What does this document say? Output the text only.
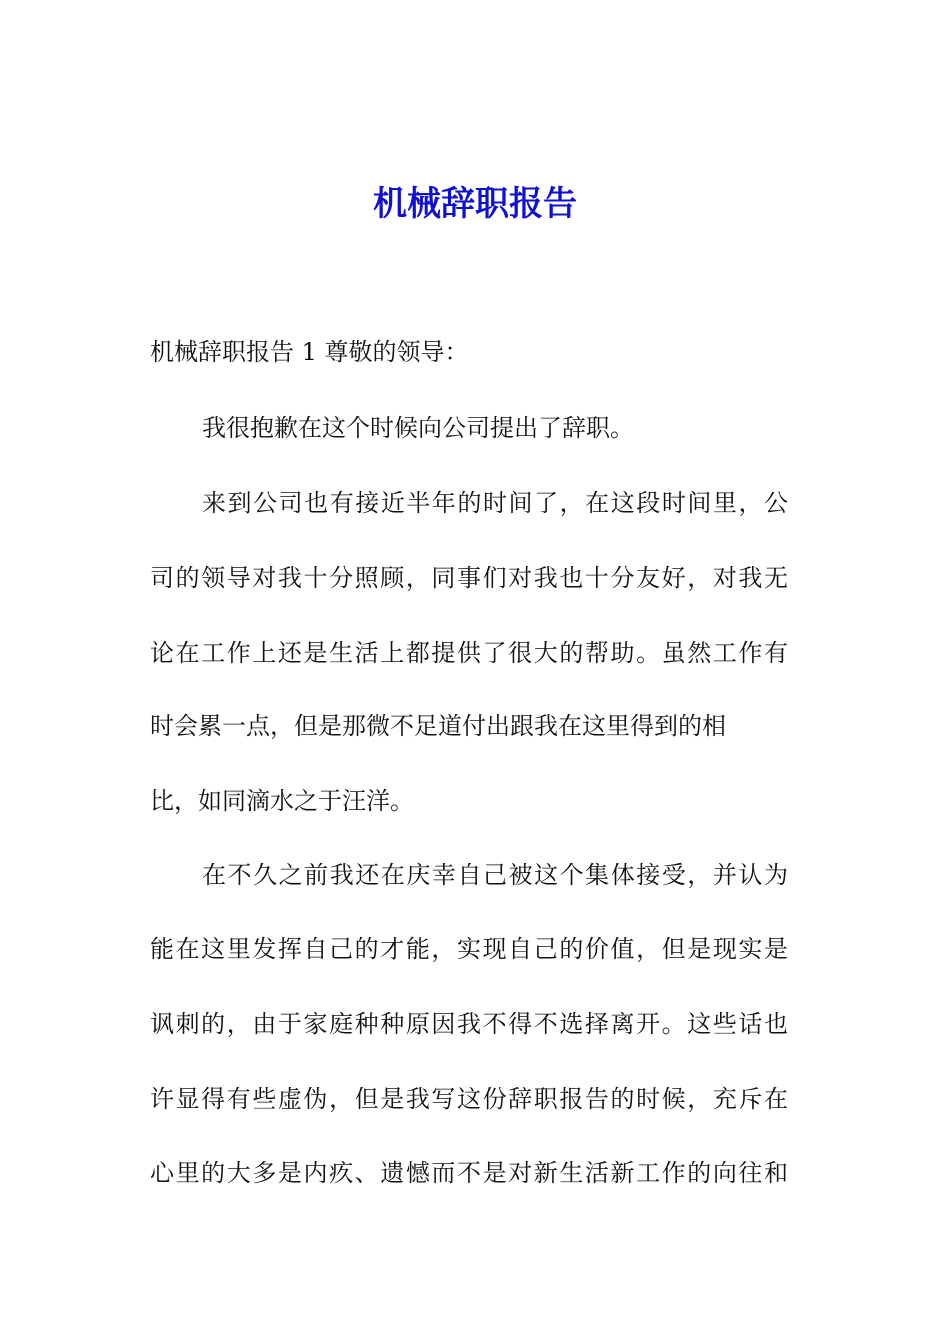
机械辞职报告
机械辞职报告 1 尊敬的领导：
我很抱歉在这个时候向公司提出了辞职。
来到公司也有接近半年的时间了，在这段时间里，公
司的领导对我十分照顾，同事们对我也十分友好，对我无
论在工作上还是生活上都提供了很大的帮助。虽然工作有
时会累一点，但是那微不足道付出跟我在这里得到的相
比，如同滴水之于汪洋。
在不久之前我还在庆幸自己被这个集体接受，并认为
能在这里发挥自己的才能，实现自己的价值，但是现实是
讽刺的，由于家庭种种原因我不得不选择离开。这些话也
许显得有些虚伪，但是我写这份辞职报告的时候，充斥在
心里的大多是内疚、遗憾而不是对新生活新工作的向往和
